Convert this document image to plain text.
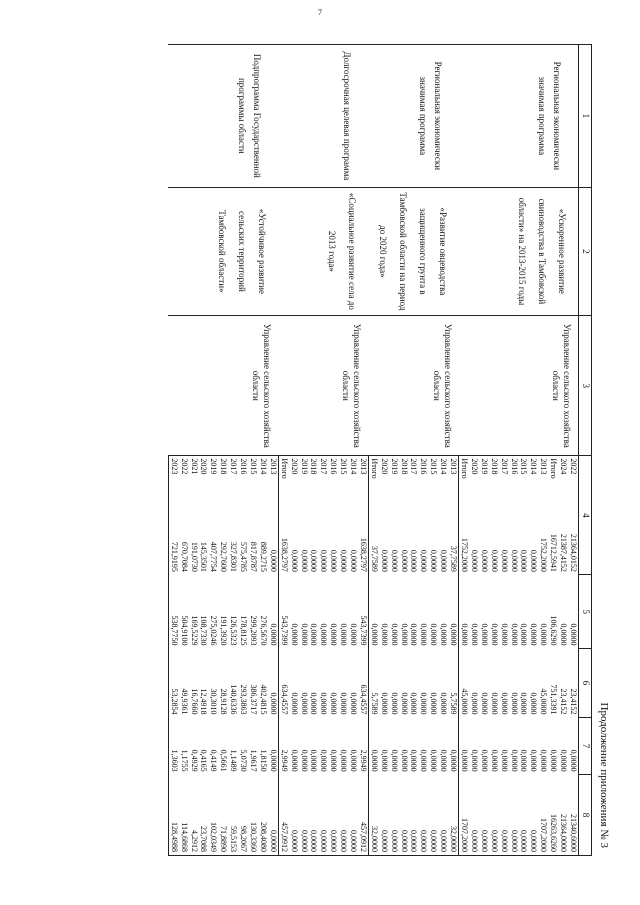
7
Продолжение приложения № 3
1	2	3	4		5	6	7	8
Региональная экономически значимая программа	«Ускоренное развитие свиноводства в Тамбовской области» на 2013-2015 годы	Управление сельского хозяйства области	2022	21364,0152	0,0000	23,4152	0,0000	21340,6000
			2024	21387,4152	0,0000	23,4152	0,0000	21364,0000
			Итого	16712,5941	106,6290	751,3391	0,0000	16263,6260
			2013	1752,2000	0,0000	45,0000	0,0000	1707,2000
			2014	0,0000	0,0000	0,0000	0,0000	0,0000
			2015	0,0000	0,0000	0,0000	0,0000	0,0000
			2016	0,0000	0,0000	0,0000	0,0000	0,0000
			2017	0,0000	0,0000	0,0000	0,0000	0,0000
			2018	0,0000	0,0000	0,0000	0,0000	0,0000
			2019	0,0000	0,0000	0,0000	0,0000	0,0000
			2020	0,0000	0,0000	0,0000	0,0000	0,0000
			Итого	1752,2000	0,0000	45,0000	0,0000	1707,2000
Региональная экономически значимая программа	«Развитие овцеводства защищенного грунта в Тамбовской области на период до 2020 года»	Управление сельского хозяйства области	2013	37,7589	0,0000	5,7589	0,0000	32,0000
			2014	0,0000	0,0000	0,0000	0,0000	0,0000
			2015	0,0000	0,0000	0,0000	0,0000	0,0000
			2016	0,0000	0,0000	0,0000	0,0000	0,0000
			2017	0,0000	0,0000	0,0000	0,0000	0,0000
			2018	0,0000	0,0000	0,0000	0,0000	0,0000
			2019	0,0000	0,0000	0,0000	0,0000	0,0000
			2020	0,0000	0,0000	0,0000	0,0000	0,0000
			Итого	37,7589	0,0000	5,7589	0,0000	32,0000
Долгосрочная целевая программа	«Социальное развитие села до 2013 года»	Управление сельского хозяйства области	2013	1638,2797	543,7399	634,4557	2,9949	457,0912
			2014	0,0000	0,0000	0,0000	0,0000	0,0000
			2015	0,0000	0,0000	0,0000	0,0000	0,0000
			2016	0,0000	0,0000	0,0000	0,0000	0,0000
			2017	0,0000	0,0000	0,0000	0,0000	0,0000
			2018	0,0000	0,0000	0,0000	0,0000	0,0000
			2019	0,0000	0,0000	0,0000	0,0000	0,0000
			2020	0,0000	0,0000	0,0000	0,0000	0,0000
			Итого	1638,2797	543,7399	634,4557	2,9949	457,0912
Подпрограмма Государственной программы области	«Устойчивое развитие сельских территорий Тамбовской области»	Управление сельского хозяйства области	2013	0,0000	0,0000	0,0000	0,0000	0,0000
			2014	889,2715	276,5670	402,4815	1,8150	208,4080
			2015	817,8787	299,2093	386,3717	1,9617	130,3360
			2016	575,4785	178,8125	293,3863	5,0730	98,2067
			2017	327,8301	126,5323	140,6336	1,1489	59,5153
			2018	292,7600	191,3920	28,9128	0,5661	71,8890
			2019	407,7754	275,0246	30,3010	0,4149	102,0349
			2020	145,3501	108,7330	12,4918	0,4165	23,7088
			2021	191,0730	169,5229	16,7660	0,4929	4,2912
			2022	670,7084	504,9100	49,9361	1,1755	114,6868
			2023	721,9195	538,7750	53,2854	1,3603	128,4988
